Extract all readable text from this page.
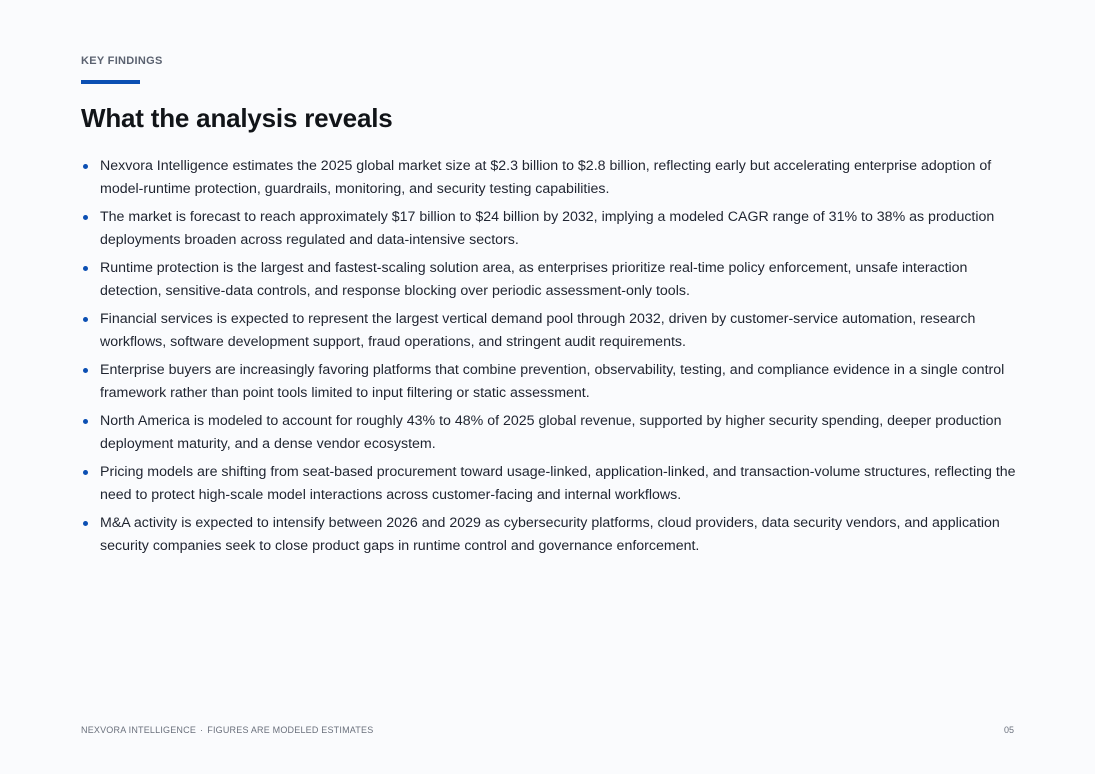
KEY FINDINGS
What the analysis reveals
Nexvora Intelligence estimates the 2025 global market size at $2.3 billion to $2.8 billion, reflecting early but accelerating enterprise adoption of model-runtime protection, guardrails, monitoring, and security testing capabilities.
The market is forecast to reach approximately $17 billion to $24 billion by 2032, implying a modeled CAGR range of 31% to 38% as production deployments broaden across regulated and data-intensive sectors.
Runtime protection is the largest and fastest-scaling solution area, as enterprises prioritize real-time policy enforcement, unsafe interaction detection, sensitive-data controls, and response blocking over periodic assessment-only tools.
Financial services is expected to represent the largest vertical demand pool through 2032, driven by customer-service automation, research workflows, software development support, fraud operations, and stringent audit requirements.
Enterprise buyers are increasingly favoring platforms that combine prevention, observability, testing, and compliance evidence in a single control framework rather than point tools limited to input filtering or static assessment.
North America is modeled to account for roughly 43% to 48% of 2025 global revenue, supported by higher security spending, deeper production deployment maturity, and a dense vendor ecosystem.
Pricing models are shifting from seat-based procurement toward usage-linked, application-linked, and transaction-volume structures, reflecting the need to protect high-scale model interactions across customer-facing and internal workflows.
M&A activity is expected to intensify between 2026 and 2029 as cybersecurity platforms, cloud providers, data security vendors, and application security companies seek to close product gaps in runtime control and governance enforcement.
NEXVORA INTELLIGENCE · FIGURES ARE MODELED ESTIMATES	05
